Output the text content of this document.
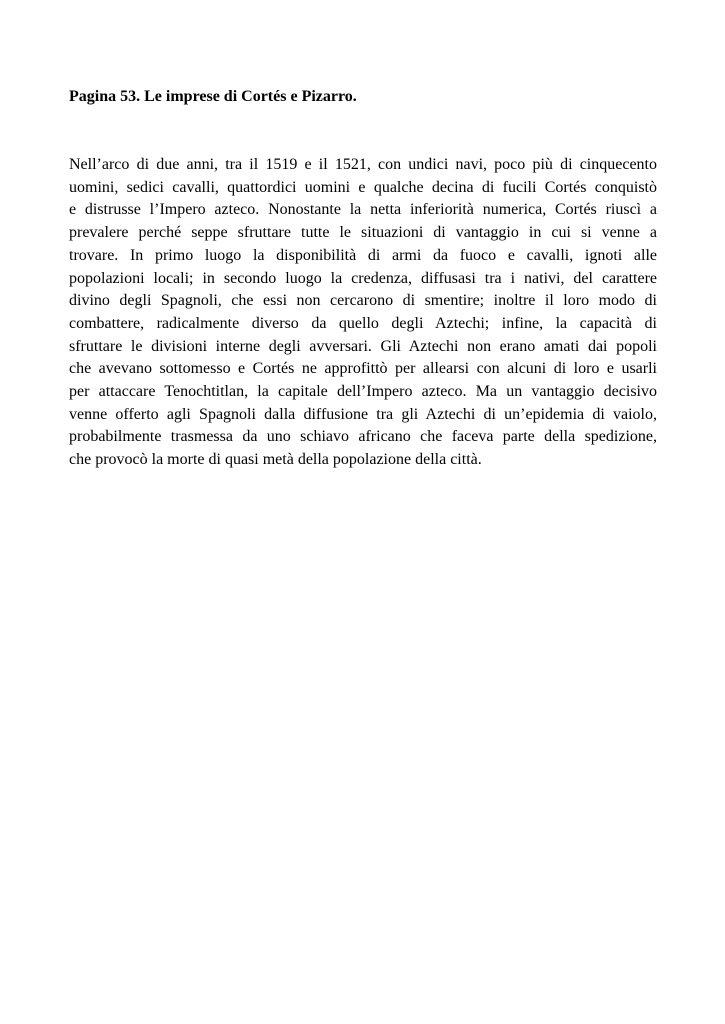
Pagina 53. Le imprese di Cortés e Pizarro.
Nell’arco di due anni, tra il 1519 e il 1521, con undici navi, poco più di cinquecento
uomini, sedici cavalli, quattordici uomini e qualche decina di fucili Cortés conquistò
e distrusse l’Impero azteco. Nonostante la netta inferiorità numerica, Cortés riuscì a
prevalere perché seppe sfruttare tutte le situazioni di vantaggio in cui si venne a
trovare. In primo luogo la disponibilità di armi da fuoco e cavalli, ignoti alle
popolazioni locali; in secondo luogo la credenza, diffusasi tra i nativi, del carattere
divino degli Spagnoli, che essi non cercarono di smentire; inoltre il loro modo di
combattere, radicalmente diverso da quello degli Aztechi; infine, la capacità di
sfruttare le divisioni interne degli avversari. Gli Aztechi non erano amati dai popoli
che avevano sottomesso e Cortés ne approfittò per allearsi con alcuni di loro e usarli
per attaccare Tenochtitlan, la capitale dell’Impero azteco. Ma un vantaggio decisivo
venne offerto agli Spagnoli dalla diffusione tra gli Aztechi di un’epidemia di vaiolo,
probabilmente trasmessa da uno schiavo africano che faceva parte della spedizione,
che provocò la morte di quasi metà della popolazione della città.
